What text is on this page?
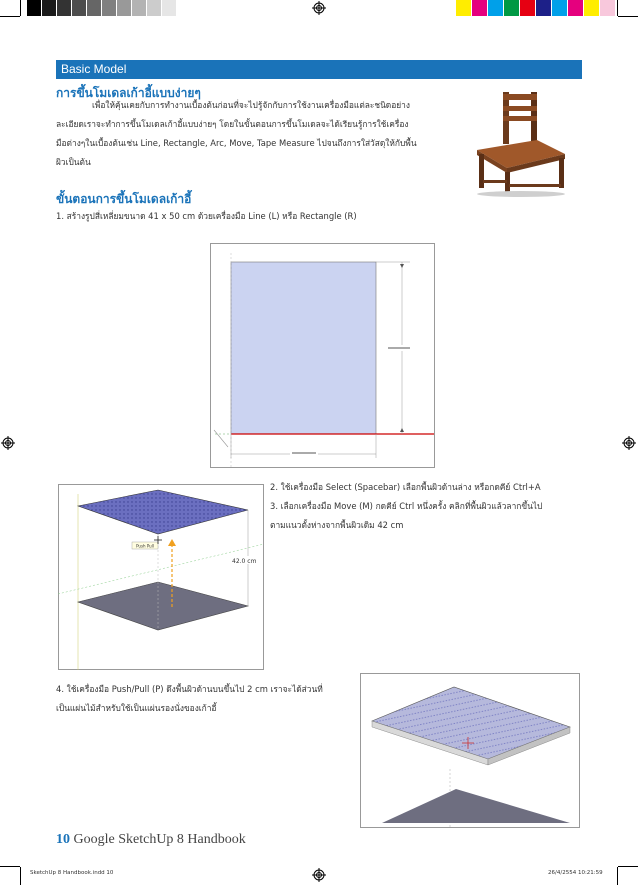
Basic Model
การขึ้นโมเดลเก้าอี้แบบง่ายๆ
เพื่อให้คุ้นเคยกับการทำงานเบื้องต้นก่อนที่จะไปรู้จักกับการใช้งานเครื่องมือแต่ละชนิดอย่าง
ละเอียดเราจะทำการขึ้นโมเดลเก้าอี้แบบง่ายๆ โดยในขั้นตอนการขึ้นโมเดลจะได้เรียนรู้การใช้เครื่อง
มือต่างๆในเบื้องต้นเช่น Line, Rectangle, Arc, Move, Tape Measure ไปจนถึงการใส่วัสดุให้กับพื้น
ผิวเป็นต้น
ขั้นตอนการขึ้นโมเดลเก้าอี้
1. สร้างรูปสี่เหลี่ยมขนาด 41 x 50 cm ด้วยเครื่องมือ Line (L) หรือ Rectangle (R)
2. ใช้เครื่องมือ Select (Spacebar) เลือกพื้นผิวด้านล่าง หรือกดคีย์ Ctrl+A
3. เลือกเครื่องมือ Move (M) กดคีย์ Ctrl หนึ่งครั้ง คลิกที่พื้นผิวแล้วลากขึ้นไป
ตามแนวตั้งห่างจากพื้นผิวเดิม 42 cm
Push Pull
42.0 cm
4. ใช้เครื่องมือ Push/Pull (P) ดึงพื้นผิวด้านบนขึ้นไป 2 cm เราจะได้ส่วนที่
เป็นแผ่นไม้สำหรับใช้เป็นแผ่นรองนั่งของเก้าอี้
10 Google SketchUp 8 Handbook
SketchUp 8 Handbook.indd 10	26/4/2554 10:21:59
